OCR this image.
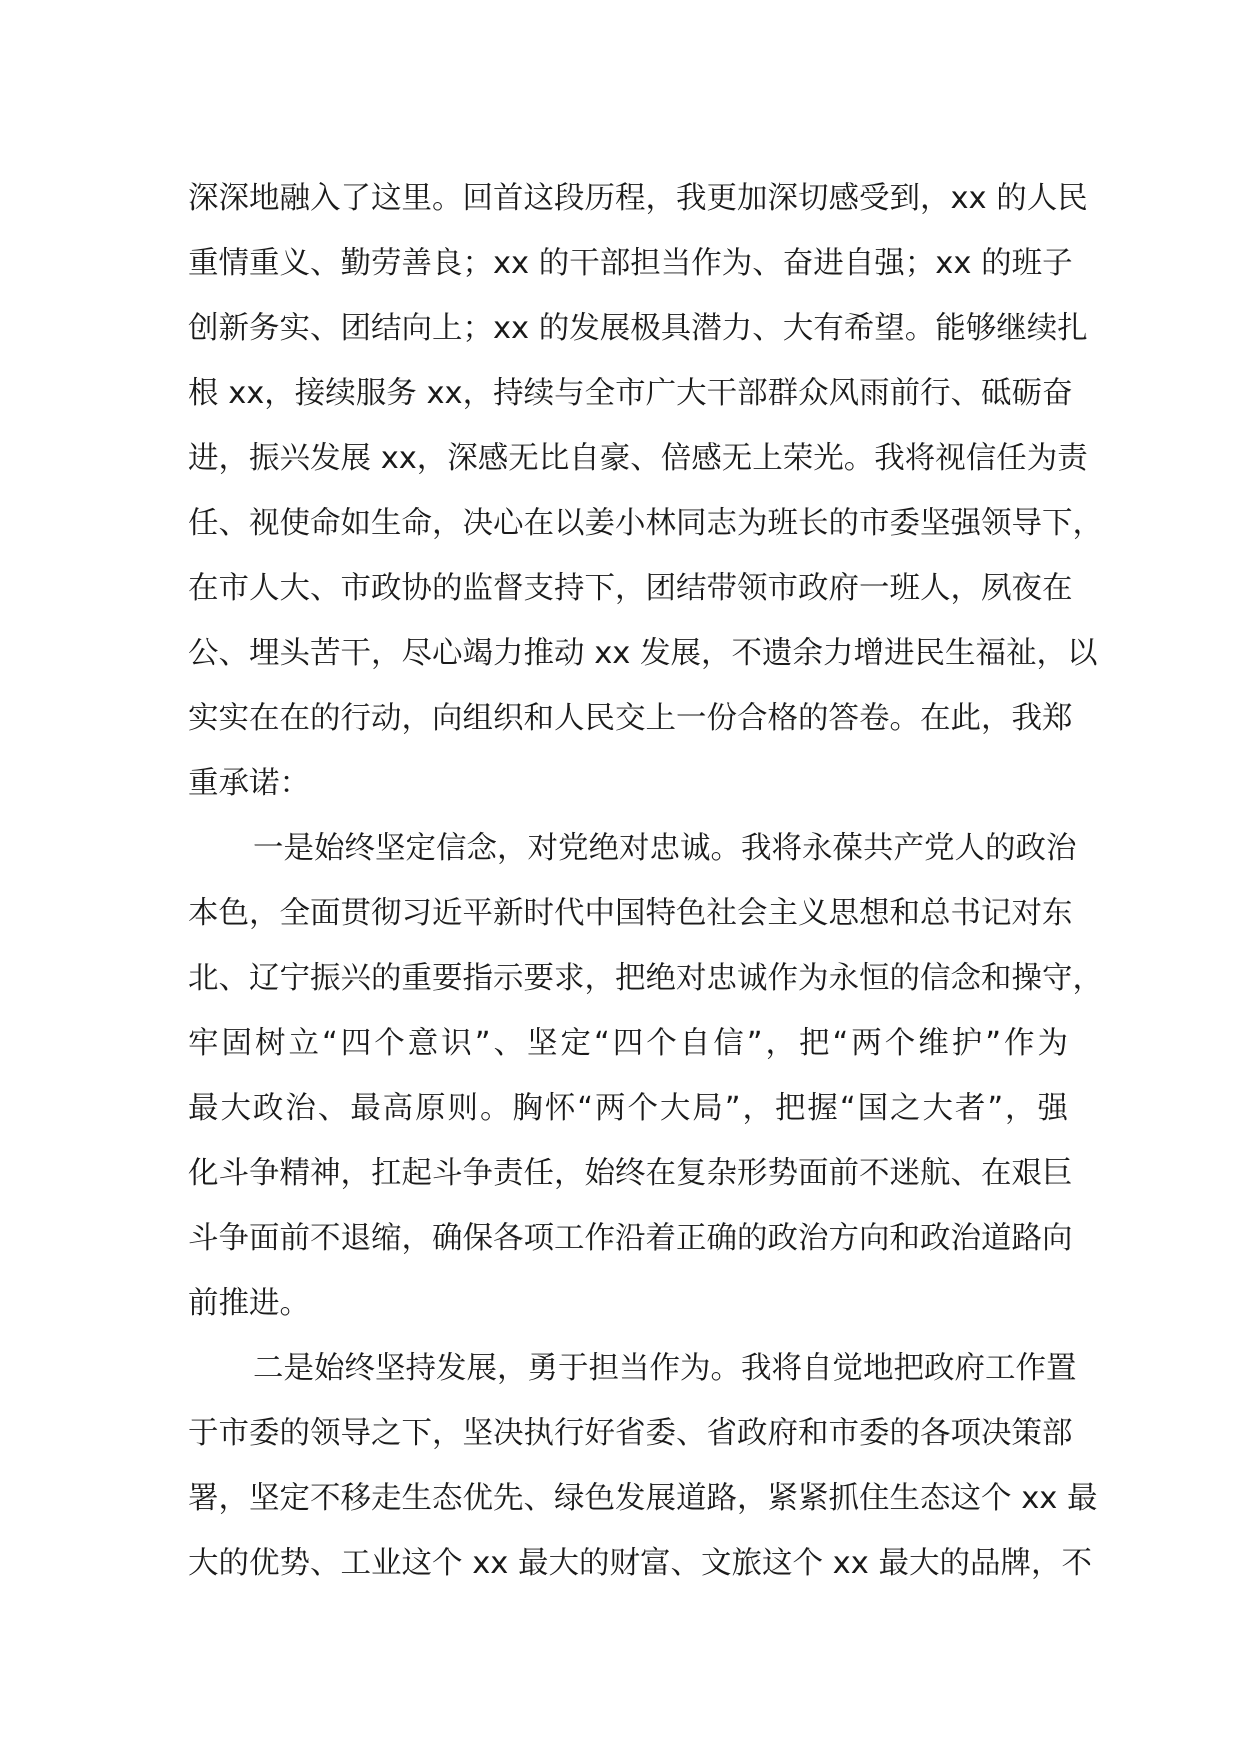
深深地融入了这里。回首这段历程，我更加深切感受到，xx 的人民
重情重义、勤劳善良；xx 的干部担当作为、奋进自强；xx 的班子
创新务实、团结向上；xx 的发展极具潜力、大有希望。能够继续扎
根 xx，接续服务 xx，持续与全市广大干部群众风雨前行、砥砺奋
进，振兴发展 xx，深感无比自豪、倍感无上荣光。我将视信任为责
任、视使命如生命，决心在以姜小林同志为班长的市委坚强领导下，
在市人大、市政协的监督支持下，团结带领市政府一班人，夙夜在
公、埋头苦干，尽心竭力推动 xx 发展，不遗余力增进民生福祉，以
实实在在的行动，向组织和人民交上一份合格的答卷。在此，我郑
重承诺：
一是始终坚定信念，对党绝对忠诚。我将永葆共产党人的政治
本色，全面贯彻习近平新时代中国特色社会主义思想和总书记对东
北、辽宁振兴的重要指示要求，把绝对忠诚作为永恒的信念和操守，
牢固树立“四个意识”、坚定“四个自信”，把“两个维护”作为
最大政治、最高原则。胸怀“两个大局”，把握“国之大者”，强
化斗争精神，扛起斗争责任，始终在复杂形势面前不迷航、在艰巨
斗争面前不退缩，确保各项工作沿着正确的政治方向和政治道路向
前推进。
二是始终坚持发展，勇于担当作为。我将自觉地把政府工作置
于市委的领导之下，坚决执行好省委、省政府和市委的各项决策部
署，坚定不移走生态优先、绿色发展道路，紧紧抓住生态这个 xx 最
大的优势、工业这个 xx 最大的财富、文旅这个 xx 最大的品牌，不
